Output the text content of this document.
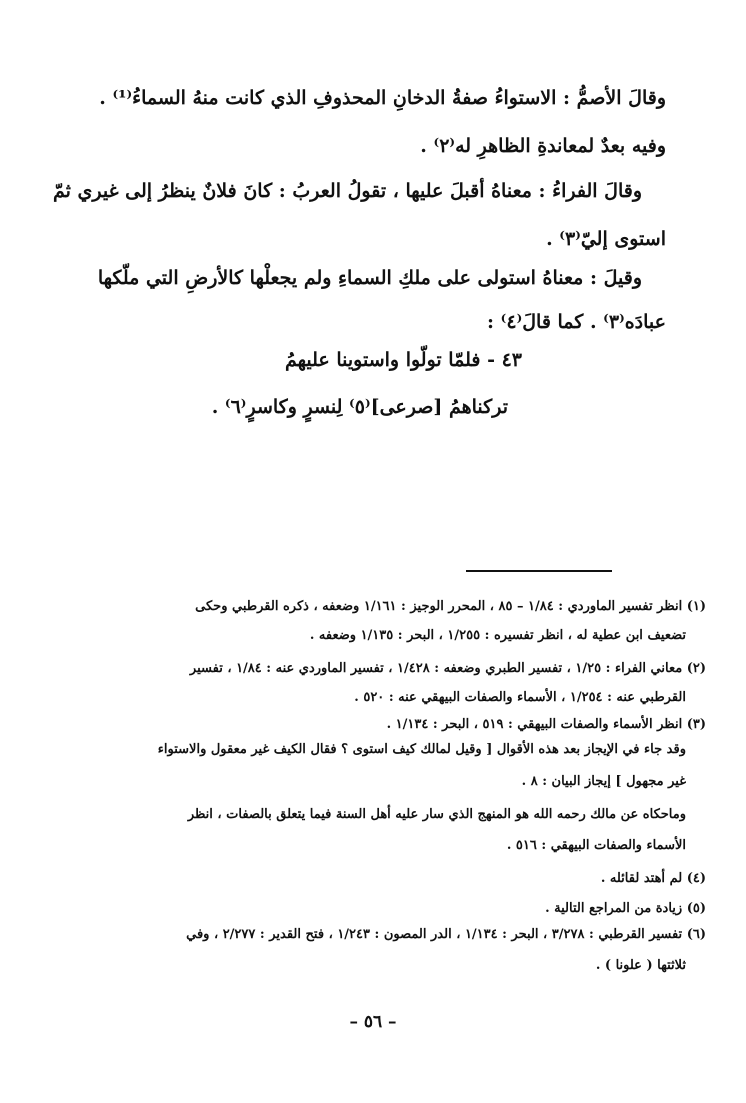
وقالَ الأصمُّ : الاستواءُ صفةُ الدخانِ المحذوفِ الذي كانت منهُ السماءُ⁽¹⁾ .
وفيه بعدٌ لمعاندةِ الظاهرِ له⁽٢⁾ .
وقالَ الفراءُ : معناهُ أقبلَ عليها ، تقولُ العربُ : كانَ فلانٌ ينظرُ إلى غيري ثمّ
استوى إليّ⁽٣⁾ .
وقيلَ : معناهُ استولى على ملكِ السماءِ ولم يجعلْها كالأرضِ التي ملّكها
عبادَه⁽٣⁾ . كما قالَ⁽٤⁾ :
٤٣ - فلمّا تولّوا واستوينا عليهمُ
تركناهمُ [صرعى]⁽٥⁾ لِنسرٍ وكاسرٍ⁽٦⁾ .
(١) انظر تفسير الماوردي : ١/٨٤ – ٨٥ ، المحرر الوجيز : ١/١٦١ وضعفه ، ذكره القرطبي وحكى
تضعيف ابن عطية له ، انظر تفسيره : ١/٢٥٥ ، البحر : ١/١٣٥ وضعفه .
(٢) معاني الفراء : ١/٢٥ ، تفسير الطبري وضعفه : ١/٤٢٨ ، تفسير الماوردي عنه : ١/٨٤ ، تفسير
القرطبي عنه : ١/٢٥٤ ، الأسماء والصفات البيهقي عنه : ٥٢٠ .
(٣) انظر الأسماء والصفات البيهقي : ٥١٩ ، البحر : ١/١٣٤ .
وقد جاء في الإيجاز بعد هذه الأقوال [ وقيل لمالك كيف استوى ؟ فقال الكيف غير معقول والاستواء
غير مجهول ] إيجاز البيان : ٨ .
وماحكاه عن مالك رحمه الله هو المنهج الذي سار عليه أهل السنة فيما يتعلق بالصفات ، انظر
الأسماء والصفات البيهقي : ٥١٦ .
(٤) لم أهتد لقائله .
(٥) زيادة من المراجع التالية .
(٦) تفسير القرطبي : ٣/٢٧٨ ، البحر : ١/١٣٤ ، الدر المصون : ١/٢٤٣ ، فتح القدير : ٢/٢٧٧ ، وفي
ثلاثتها ( علونا ) .
– ٥٦ –
